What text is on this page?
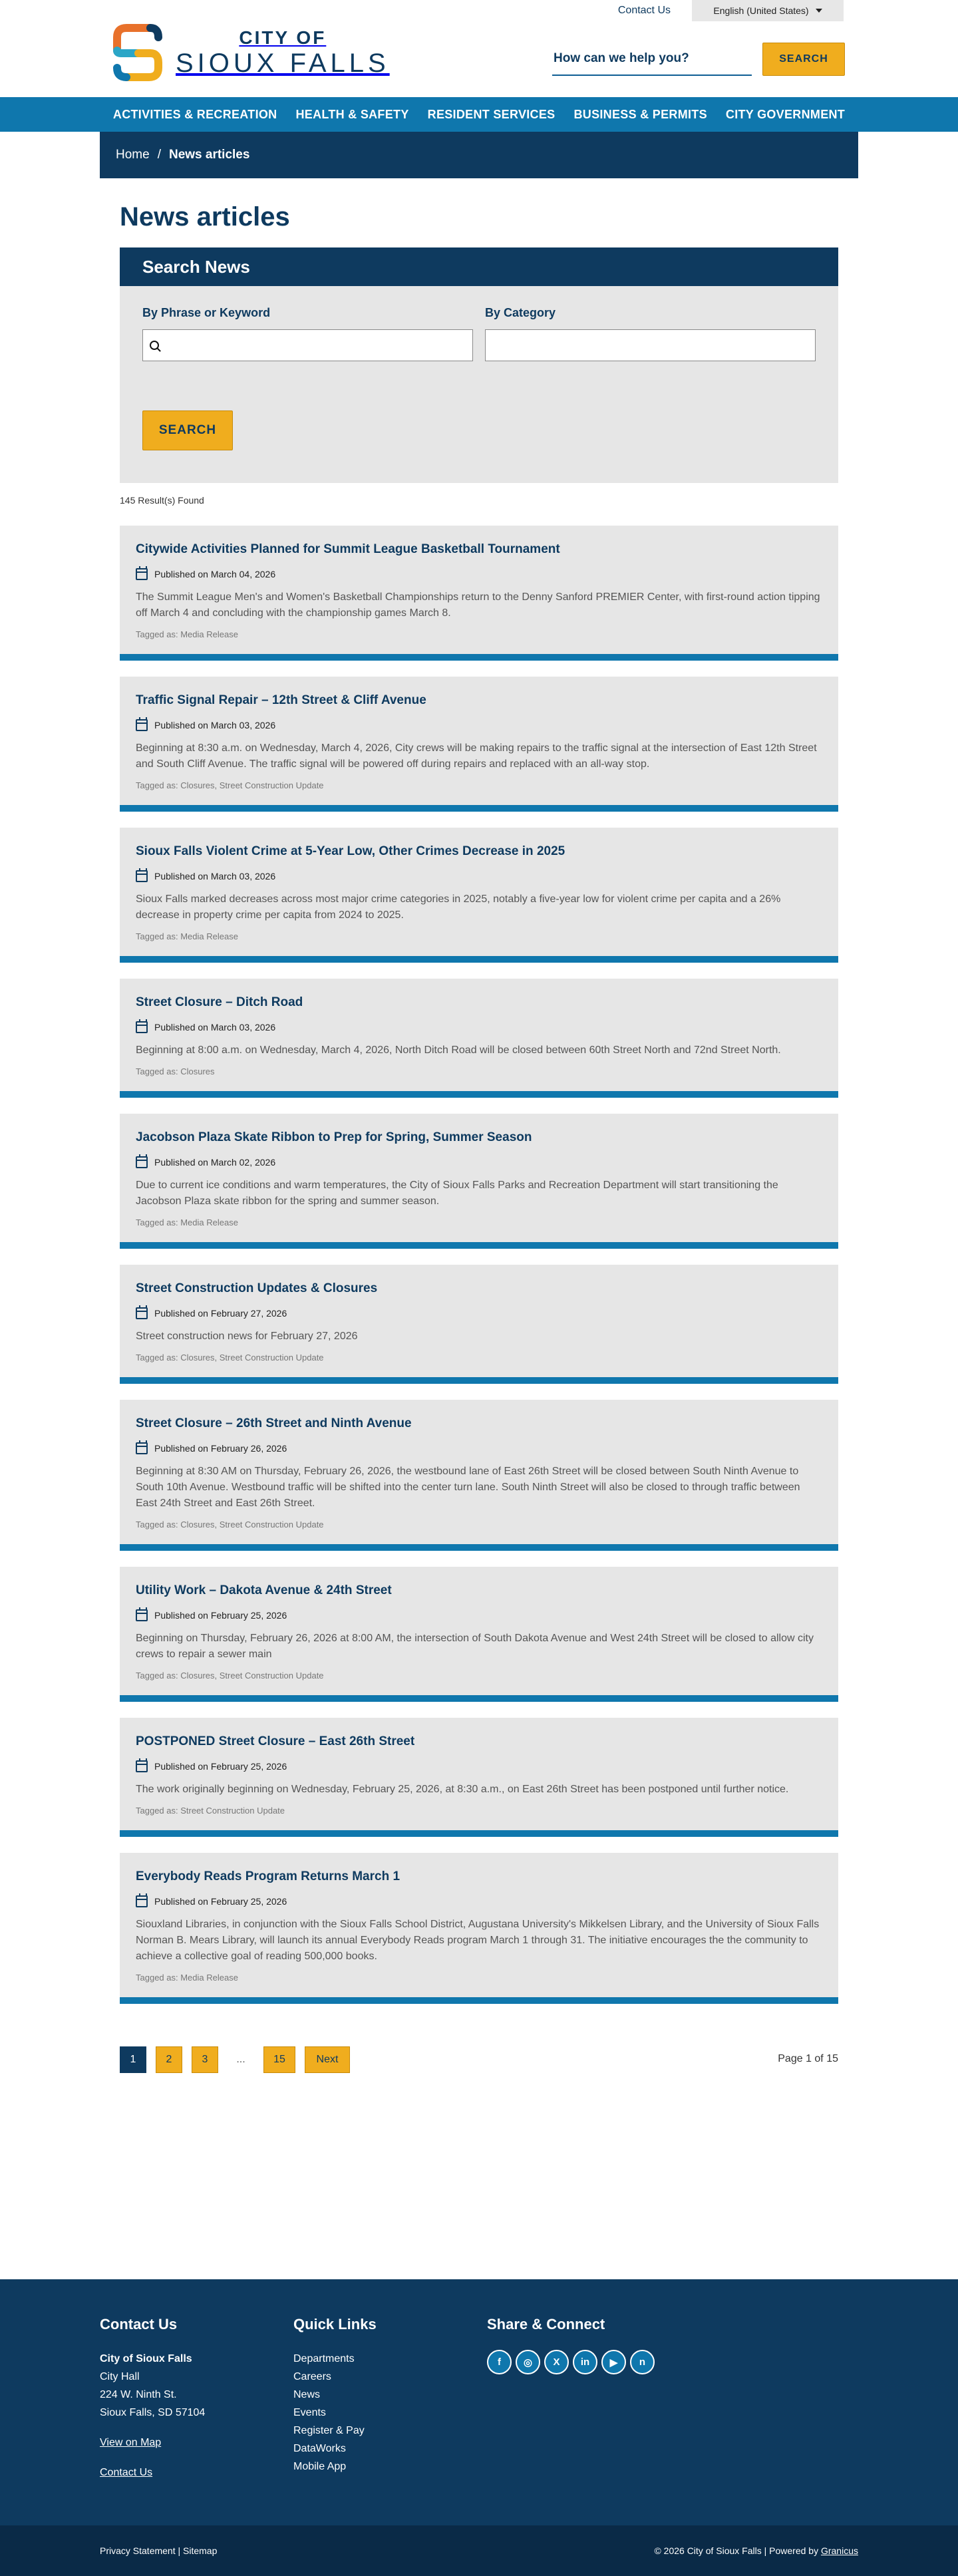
CITY OF
SIOUX FALLS
Contact Us	English (United States)
How can we help you?
SEARCH
ACTIVITIES & RECREATION HEALTH & SAFETY RESIDENT SERVICES BUSINESS & PERMITS CITY GOVERNMENT
Home / News articles
News articles
Search News
By Phrase or Keyword	By Category
SEARCH
145 Result(s) Found
Citywide Activities Planned for Summit League Basketball Tournament
Published on March 04, 2026

The Summit League Men's and Women's Basketball Championships return to the Denny Sanford PREMIER Center, with first-round action tipping off March 4 and concluding with the championship games March 8.

Tagged as: Media Release
Traffic Signal Repair – 12th Street & Cliff Avenue
Published on March 03, 2026

Beginning at 8:30 a.m. on Wednesday, March 4, 2026, City crews will be making repairs to the traffic signal at the intersection of East 12th Street and South Cliff Avenue. The traffic signal will be powered off during repairs and replaced with an all-way stop.

Tagged as: Closures, Street Construction Update
Sioux Falls Violent Crime at 5-Year Low, Other Crimes Decrease in 2025
Published on March 03, 2026

Sioux Falls marked decreases across most major crime categories in 2025, notably a five-year low for violent crime per capita and a 26% decrease in property crime per capita from 2024 to 2025.

Tagged as: Media Release
Street Closure – Ditch Road
Published on March 03, 2026

Beginning at 8:00 a.m. on Wednesday, March 4, 2026, North Ditch Road will be closed between 60th Street North and 72nd Street North.

Tagged as: Closures
Jacobson Plaza Skate Ribbon to Prep for Spring, Summer Season
Published on March 02, 2026

Due to current ice conditions and warm temperatures, the City of Sioux Falls Parks and Recreation Department will start transitioning the Jacobson Plaza skate ribbon for the spring and summer season.

Tagged as: Media Release
Street Construction Updates & Closures
Published on February 27, 2026

Street construction news for February 27, 2026

Tagged as: Closures, Street Construction Update
Street Closure – 26th Street and Ninth Avenue
Published on February 26, 2026

Beginning at 8:30 AM on Thursday, February 26, 2026, the westbound lane of East 26th Street will be closed between South Ninth Avenue to South 10th Avenue. Westbound traffic will be shifted into the center turn lane. South Ninth Street will also be closed to through traffic between East 24th Street and East 26th Street.

Tagged as: Closures, Street Construction Update
Utility Work – Dakota Avenue & 24th Street
Published on February 25, 2026

Beginning on Thursday, February 26, 2026 at 8:00 AM, the intersection of South Dakota Avenue and West 24th Street will be closed to allow city crews to repair a sewer main

Tagged as: Closures, Street Construction Update
POSTPONED Street Closure – East 26th Street
Published on February 25, 2026

The work originally beginning on Wednesday, February 25, 2026, at 8:30 a.m., on East 26th Street has been postponed until further notice.

Tagged as: Street Construction Update
Everybody Reads Program Returns March 1
Published on February 25, 2026

Siouxland Libraries, in conjunction with the Sioux Falls School District, Augustana University's Mikkelsen Library, and the University of Sioux Falls Norman B. Mears Library, will launch its annual Everybody Reads program March 1 through 31. The initiative encourages the the community to achieve a collective goal of reading 500,000 books.

Tagged as: Media Release
1	2	3	...	15	Next	Page 1 of 15
Contact Us
City of Sioux Falls
City Hall
224 W. Ninth St.
Sioux Falls, SD 57104
View on Map
Contact Us
Quick Links
Departments
Careers
News
Events
Register & Pay
DataWorks
Mobile App
Share & Connect
f	◎	X	in	▶	n
Privacy Statement | Sitemap	© 2026 City of Sioux Falls | Powered by Granicus
